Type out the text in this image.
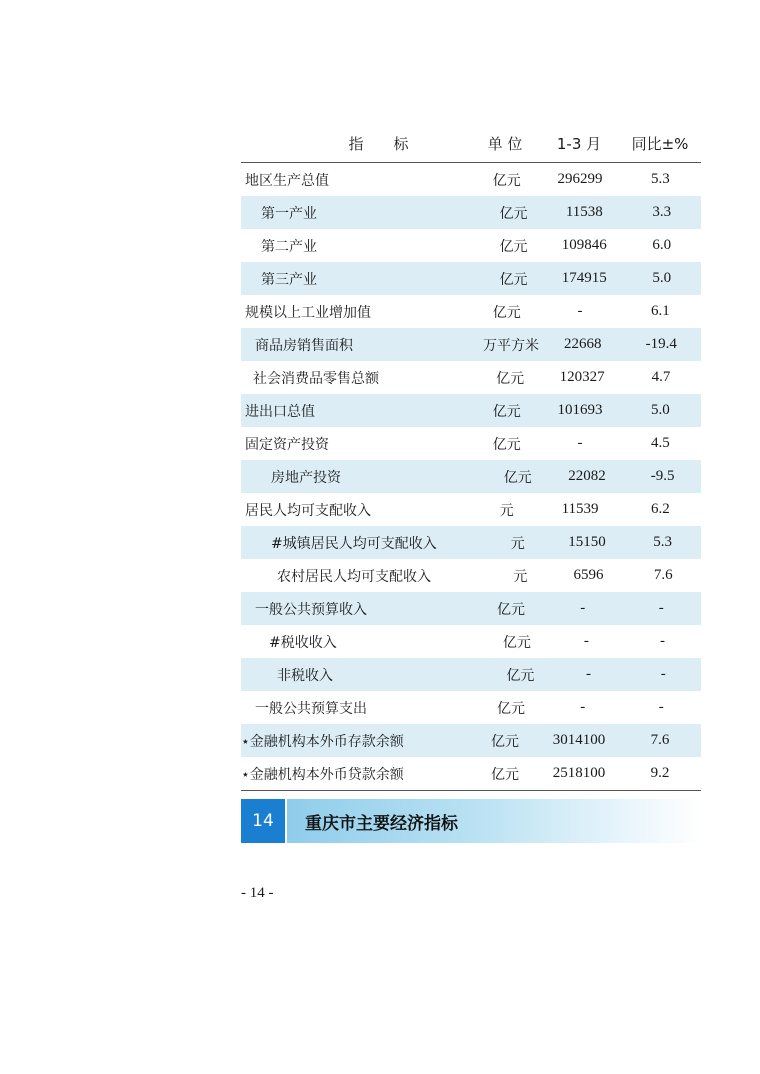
指　　标	单 位	1-3 月	同比±%
地区生产总值	亿元	296299	5.3
第一产业	亿元	11538	3.3
第二产业	亿元	109846	6.0
第三产业	亿元	174915	5.0
规模以上工业增加值	亿元	-	6.1
商品房销售面积	万平方米	22668	-19.4
社会消费品零售总额	亿元	120327	4.7
进出口总值	亿元	101693	5.0
固定资产投资	亿元	-	4.5
房地产投资	亿元	22082	-9.5
居民人均可支配收入	元	11539	6.2
#城镇居民人均可支配收入	元	15150	5.3
农村居民人均可支配收入	元	6596	7.6
一般公共预算收入	亿元	-	-
#税收收入	亿元	-	-
非税收入	亿元	-	-
一般公共预算支出	亿元	-	-
⋆金融机构本外币存款余额	亿元	3014100	7.6
⋆金融机构本外币贷款余额	亿元	2518100	9.2
14	重庆市主要经济指标
- 14 -
